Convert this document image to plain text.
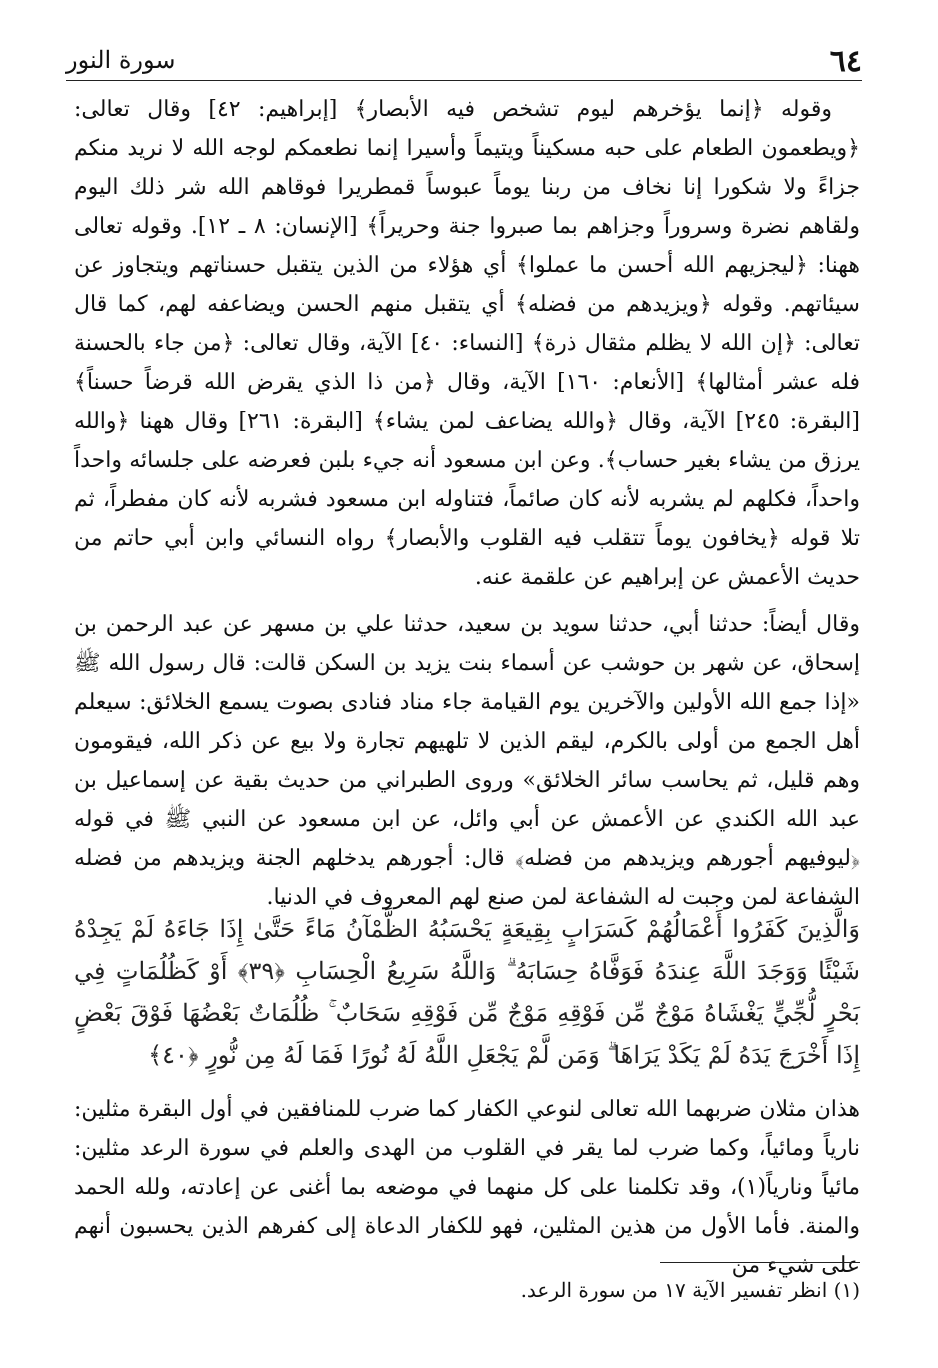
٦٤
سورة النور

وقوله ﴿إنما يؤخرهم ليوم تشخص فيه الأبصار﴾ [إبراهيم: ٤٢] وقال تعالى: ﴿ويطعمون الطعام على حبه مسكيناً ويتيماً وأسيرا إنما نطعمكم لوجه الله لا نريد منكم جزاءً ولا شكورا إنا نخاف من ربنا يوماً عبوساً قمطريرا فوقاهم الله شر ذلك اليوم ولقاهم نضرة وسروراً وجزاهم بما صبروا جنة وحريراً﴾ [الإنسان: ٨ ـ ١٢]. وقوله تعالى ههنا: ﴿ليجزيهم الله أحسن ما عملوا﴾ أي هؤلاء من الذين يتقبل حسناتهم ويتجاوز عن سيئاتهم. وقوله ﴿ويزيدهم من فضله﴾ أي يتقبل منهم الحسن ويضاعفه لهم، كما قال تعالى: ﴿إن الله لا يظلم مثقال ذرة﴾ [النساء: ٤٠] الآية، وقال تعالى: ﴿من جاء بالحسنة فله عشر أمثالها﴾ [الأنعام: ١٦٠] الآية، وقال ﴿من ذا الذي يقرض الله قرضاً حسناً﴾ [البقرة: ٢٤٥] الآية، وقال ﴿والله يضاعف لمن يشاء﴾ [البقرة: ٢٦١] وقال ههنا ﴿والله يرزق من يشاء بغير حساب﴾. وعن ابن مسعود أنه جيء بلبن فعرضه على جلسائه واحداً واحداً، فكلهم لم يشربه لأنه كان صائماً، فتناوله ابن مسعود فشربه لأنه كان مفطراً، ثم تلا قوله ﴿يخافون يوماً تتقلب فيه القلوب والأبصار﴾ رواه النسائي وابن أبي حاتم من حديث الأعمش عن إبراهيم عن علقمة عنه.

وقال أيضاً: حدثنا أبي، حدثنا سويد بن سعيد، حدثنا علي بن مسهر عن عبد الرحمن بن إسحاق، عن شهر بن حوشب عن أسماء بنت يزيد بن السكن قالت: قال رسول الله ﷺ «إذا جمع الله الأولين والآخرين يوم القيامة جاء مناد فنادى بصوت يسمع الخلائق: سيعلم أهل الجمع من أولى بالكرم، ليقم الذين لا تلهيهم تجارة ولا بيع عن ذكر الله، فيقومون وهم قليل، ثم يحاسب سائر الخلائق» وروى الطبراني من حديث بقية عن إسماعيل بن عبد الله الكندي عن الأعمش عن أبي وائل، عن ابن مسعود عن النبي ﷺ في قوله ﴿ليوفيهم أجورهم ويزيدهم من فضله﴾ قال: أجورهم يدخلهم الجنة ويزيدهم من فضله الشفاعة لمن وجبت له الشفاعة لمن صنع لهم المعروف في الدنيا.

وَالَّذِينَ كَفَرُوا أَعْمَالُهُمْ كَسَرَابٍ بِقِيعَةٍ يَحْسَبُهُ الظَّمْآنُ مَاءً حَتَّىٰ إِذَا جَاءَهُ لَمْ يَجِدْهُ شَيْئًا وَوَجَدَ اللَّهَ عِندَهُ فَوَفَّاهُ حِسَابَهُ ۗ وَاللَّهُ سَرِيعُ الْحِسَابِ ﴿٣٩﴾ أَوْ كَظُلُمَاتٍ فِي بَحْرٍ لُّجِّيٍّ يَغْشَاهُ مَوْجٌ مِّن فَوْقِهِ مَوْجٌ مِّن فَوْقِهِ سَحَابٌ ۚ ظُلُمَاتٌ بَعْضُهَا فَوْقَ بَعْضٍ إِذَا أَخْرَجَ يَدَهُ لَمْ يَكَدْ يَرَاهَا ۗ وَمَن لَّمْ يَجْعَلِ اللَّهُ لَهُ نُورًا فَمَا لَهُ مِن نُّورٍ ﴿٤٠﴾
هذان مثلان ضربهما الله تعالى لنوعي الكفار كما ضرب للمنافقين في أول البقرة مثلين: نارياً ومائياً، وكما ضرب لما يقر في القلوب من الهدى والعلم في سورة الرعد مثلين: مائياً ونارياً(١)، وقد تكلمنا على كل منهما في موضعه بما أغنى عن إعادته، ولله الحمد والمنة. فأما الأول من هذين المثلين، فهو للكفار الدعاة إلى كفرهم الذين يحسبون أنهم على شيء من
(١) انظر تفسير الآية ١٧ من سورة الرعد.
